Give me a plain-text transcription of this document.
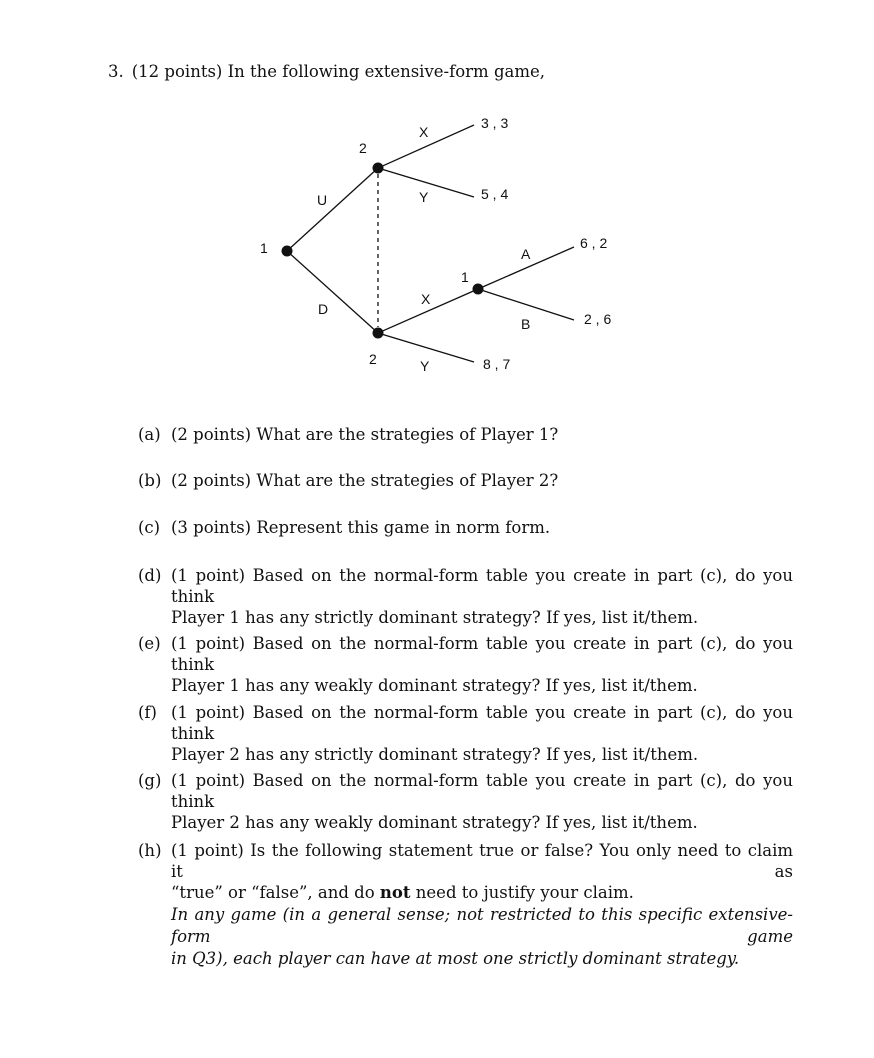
3. (12 points) In the following extensive-form game,
1
2
2
1
U
D
X
Y
X
Y
A
B
3 , 3
5 , 4
6 , 2
2 , 6
8 , 7
(a) (2 points) What are the strategies of Player 1?
(b) (2 points) What are the strategies of Player 2?
(c) (3 points) Represent this game in norm form.
(d) (1 point) Based on the normal-form table you create in part (c), do you think
Player 1 has any strictly dominant strategy? If yes, list it/them.
(e) (1 point) Based on the normal-form table you create in part (c), do you think
Player 1 has any weakly dominant strategy? If yes, list it/them.
(f) (1 point) Based on the normal-form table you create in part (c), do you think
Player 2 has any strictly dominant strategy? If yes, list it/them.
(g) (1 point) Based on the normal-form table you create in part (c), do you think
Player 2 has any weakly dominant strategy? If yes, list it/them.
(h) (1 point) Is the following statement true or false? You only need to claim it as
“true” or “false”, and do not need to justify your claim.
In any game (in a general sense; not restricted to this specific extensive-form game
in Q3), each player can have at most one strictly dominant strategy.
